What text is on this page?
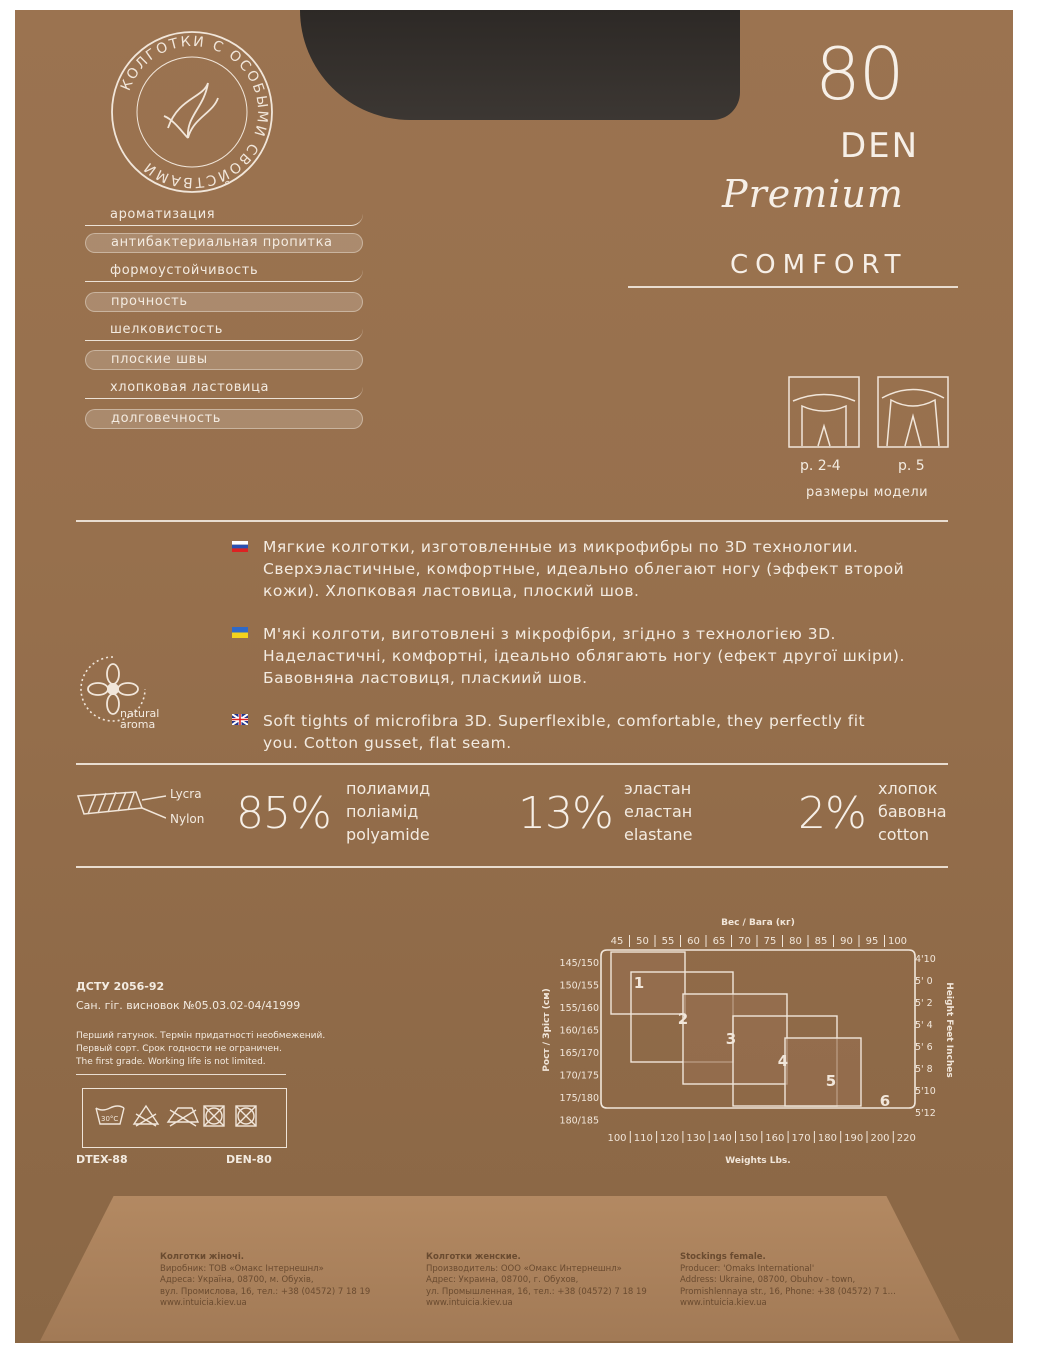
КОЛГОТКИ С ОСОБЫМИ СВОЙСТВАМИ
ароматизация
антибактериальная пропитка
формоустойчивость
прочность
шелковистость
плоские швы
хлопковая ластовица
долговечность
80
DEN
Premium
COMFORT
р. 2-4	р. 5
размеры модели
Мягкие колготки, изготовленные из микрофибры по 3D технологии.
Сверхэластичные, комфортные, идеально облегают ногу (эффект второй
кожи). Хлопковая ластовица, плоский шов.
М'які колготи, виготовлені з мікрофібри, згідно з технологією 3D.
Наделастичні, комфортні, ідеально облягають ногу (ефект другої шкіри).
Бавовняна ластовиця, пласкиий шов.
Soft tights of microfibra 3D. Superflexible, comfortable, they perfectly fit
you. Cotton gusset, flat seam.
natural
aroma
Lycra
Nylon 85% полиамид
поліамід
polyamide 13% эластан
еластан
elastane 2% хлопок
бавовна
cotton
ДСТУ 2056-92
Сан. гіг. висновок №05.03.02-04/41999
Перший гатунок. Термін придатності необмежений.
Первый сорт. Срок годности не ограничен.
The first grade. Working life is not limited.
30°C
DTEX-88	DEN-80
Вес / Вага (кг)
Weights Lbs.
Рост / Зріст (см)	Height Feet Inches
45 50 55 60 65 70 75 80 85 90 95 100
100 110 120 130 140 150 160 170 180 190 200 220
145/150
150/155
155/160
160/165
165/170
170/175
175/180
180/185
4'10
5' 0
5' 2
5' 4
5' 6
5' 8
5'10
5'12
1
2
3
4
5
6
Колготки жіночі.
Виробник: ТОВ «Омакс Інтернешнл»
Адреса: Україна, 08700, м. Обухів,
вул. Промислова, 16, тел.: +38 (04572) 7 18 19
www.intuicia.kiev.ua
Колготки женские.
Производитель: ООО «Омакс Интернешнл»
Адрес: Украина, 08700, г. Обухов,
ул. Промышленная, 16, тел.: +38 (04572) 7 18 19
www.intuicia.kiev.ua
Stockings female.
Producer: 'Omaks International'
Address: Ukraine, 08700, Obuhov - town,
Promishlennaya str., 16, Phone: +38 (04572) 7 1...
www.intuicia.kiev.ua
